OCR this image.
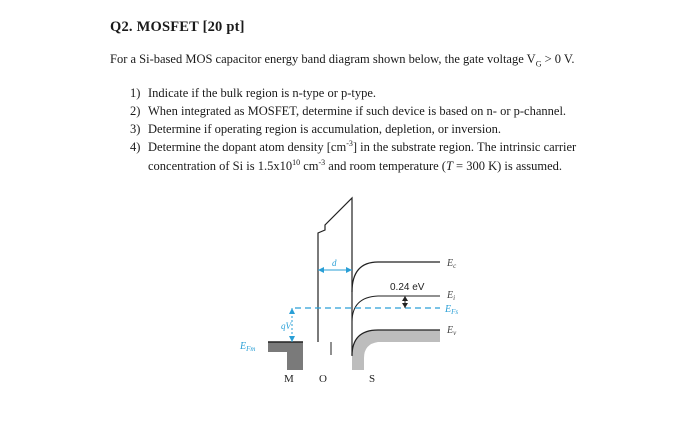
Q2. MOSFET [20 pt]
For a Si-based MOS capacitor energy band diagram shown below, the gate voltage $V_G > 0$ V.
1) Indicate if the bulk region is n-type or p-type.
2) When integrated as MOSFET, determine if such device is based on n- or p-channel.
3) Determine if operating region is accumulation, depletion, or inversion.
4) Determine the dopant atom density $[cm^{-3}]$ in the substrate region. The intrinsic carrier
concentration of Si is $1.5x10^{10}$ $cm^{-3}$ and room temperature (T = 300 K) is assumed.
$E_c$
$E_i$
$E_{Fs}$
$E_v$
$E_{Fm}$
qV
d
0.24 eV
M O	S
